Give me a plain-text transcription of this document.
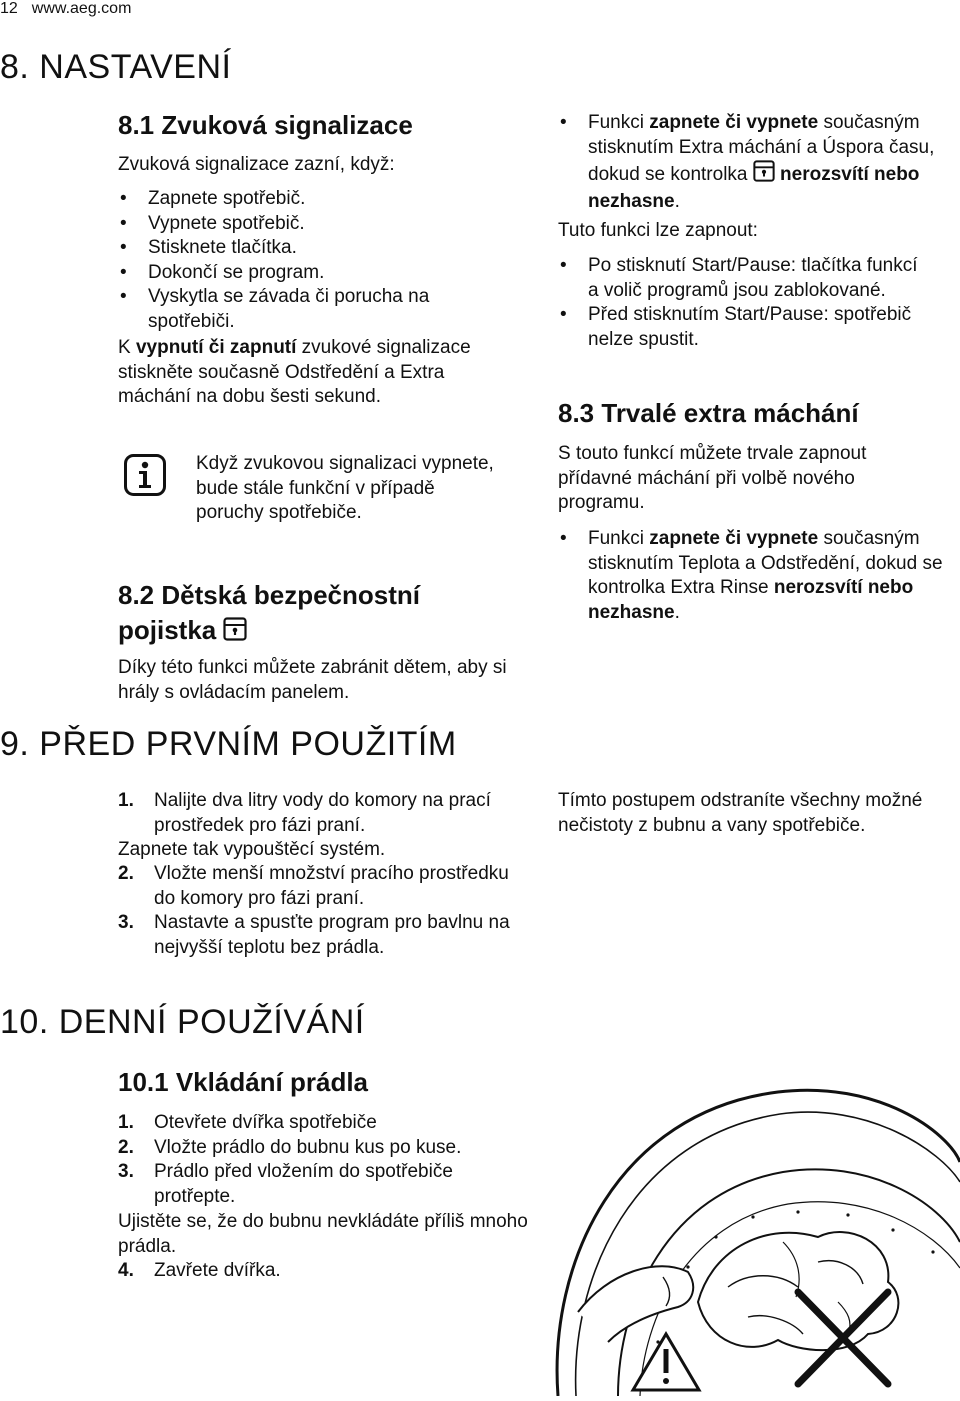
12 www.aeg.com
8. NASTAVENÍ
8.1 Zvuková signalizace
Zvuková signalizace zazní, když:
• Zapnete spotřebič.
• Vypnete spotřebič.
• Stisknete tlačítka.
• Dokončí se program.
• Vyskytla se závada či porucha na spotřebiči.
K vypnutí či zapnutí zvukové signalizace stiskněte současně Odstředění a Extra máchání na dobu šesti sekund.
Když zvukovou signalizaci vypnete, bude stále funkční v případě poruchy spotřebiče.
8.2 Dětská bezpečnostní
pojistka
Díky této funkci můžete zabránit dětem, aby si hrály s ovládacím panelem.
• Funkci zapnete či vypnete současným stisknutím Extra máchání a Úspora času, dokud se kontrolka  nerozsvítí nebo nezhasne.
Tuto funkci lze zapnout:
• Po stisknutí Start/Pause: tlačítka funkcí a volič programů jsou zablokované.
• Před stisknutím Start/Pause: spotřebič nelze spustit.
8.3 Trvalé extra máchání
S touto funkcí můžete trvale zapnout přídavné máchání při volbě nového programu.
• Funkci zapnete či vypnete současným stisknutím Teplota a Odstředění, dokud se kontrolka Extra Rinse nerozsvítí nebo nezhasne.
9. PŘED PRVNÍM POUŽITÍM
1. Nalijte dva litry vody do komory na prací prostředek pro fázi praní.
Zapnete tak vypouštěcí systém.
2. Vložte menší množství pracího prostředku do komory pro fázi praní.
3. Nastavte a spusťte program pro bavlnu na nejvyšší teplotu bez prádla.
Tímto postupem odstraníte všechny možné nečistoty z bubnu a vany spotřebiče.
10. DENNÍ POUŽÍVÁNÍ
10.1 Vkládání prádla
1. Otevřete dvířka spotřebiče
2. Vložte prádlo do bubnu kus po kuse.
3. Prádlo před vložením do spotřebiče protřepte.
Ujistěte se, že do bubnu nevkládáte příliš mnoho prádla.
4. Zavřete dvířka.
